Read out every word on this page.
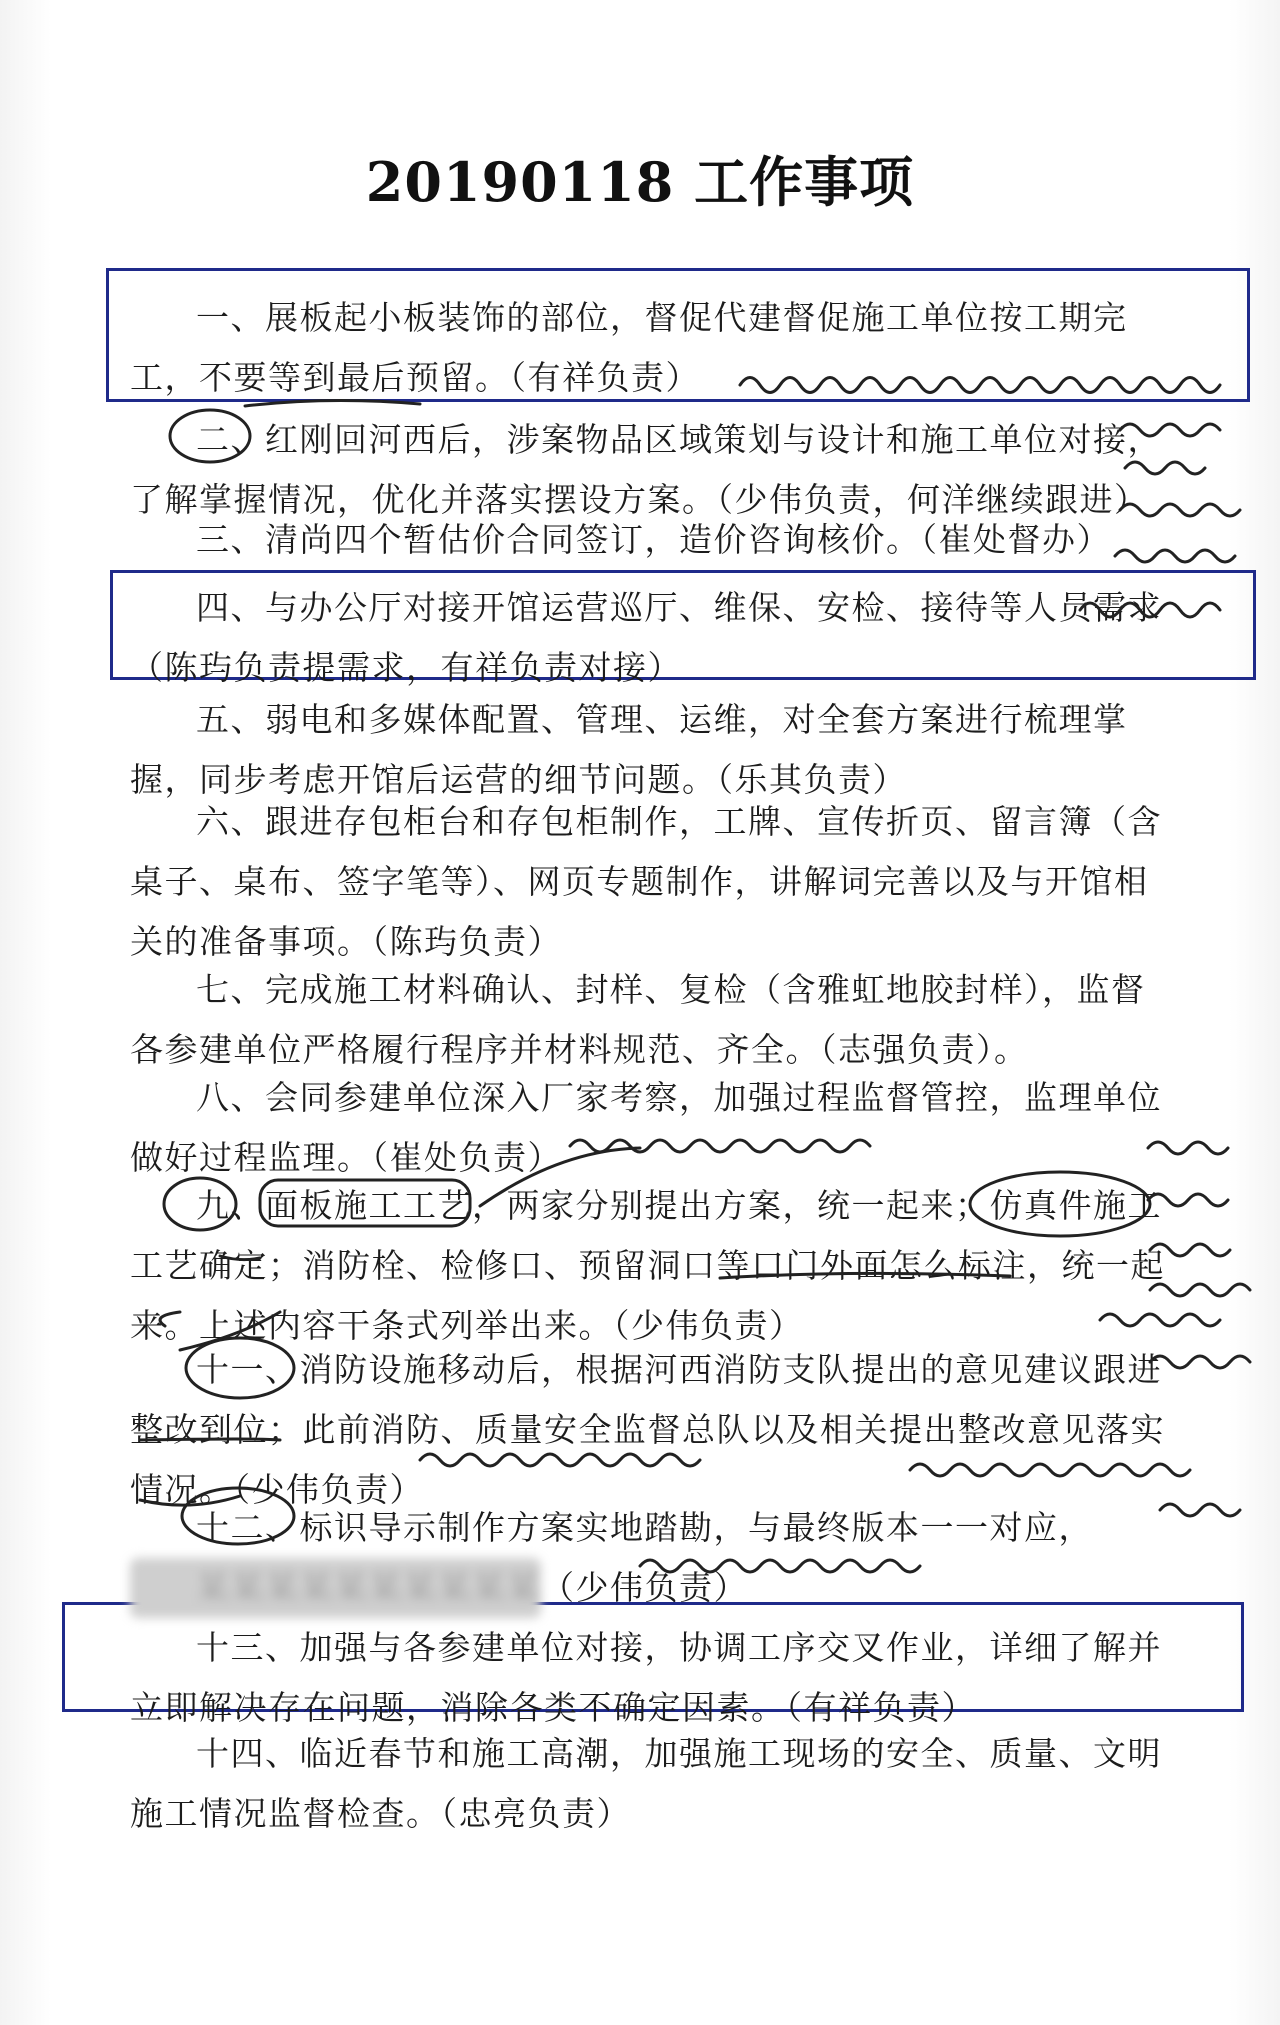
20190118 工作事项
一、展板起小板装饰的部位，督促代建督促施工单位按工期完工，不要等到最后预留。（有祥负责）
二、红刚回河西后，涉案物品区域策划与设计和施工单位对接，了解掌握情况，优化并落实摆设方案。（少伟负责，何洋继续跟进）
三、清尚四个暂估价合同签订，造价咨询核价。（崔处督办）
四、与办公厅对接开馆运营巡厅、维保、安检、接待等人员需求（陈玙负责提需求，有祥负责对接）
五、弱电和多媒体配置、管理、运维，对全套方案进行梳理掌握，同步考虑开馆后运营的细节问题。（乐其负责）
六、跟进存包柜台和存包柜制作，工牌、宣传折页、留言簿（含桌子、桌布、签字笔等）、网页专题制作，讲解词完善以及与开馆相关的准备事项。（陈玙负责）
七、完成施工材料确认、封样、复检（含雅虹地胶封样），监督各参建单位严格履行程序并材料规范、齐全。（志强负责）。
八、会同参建单位深入厂家考察，加强过程监督管控，监理单位做好过程监理。（崔处负责）
九、面板施工工艺，两家分别提出方案，统一起来；仿真件施工工艺确定；消防栓、检修口、预留洞口等口门外面怎么标注，统一起来。上述内容干条式列举出来。（少伟负责）
十一、消防设施移动后，根据河西消防支队提出的意见建议跟进整改到位；此前消防、质量安全监督总队以及相关提出整改意见落实情况。（少伟负责）
十二、标识导示制作方案实地踏勘，与最终版本一一对应，某某某某某某某某某某（少伟负责）
十三、加强与各参建单位对接，协调工序交叉作业，详细了解并立即解决存在问题，消除各类不确定因素。（有祥负责）
十四、临近春节和施工高潮，加强施工现场的安全、质量、文明施工情况监督检查。（忠亮负责）
